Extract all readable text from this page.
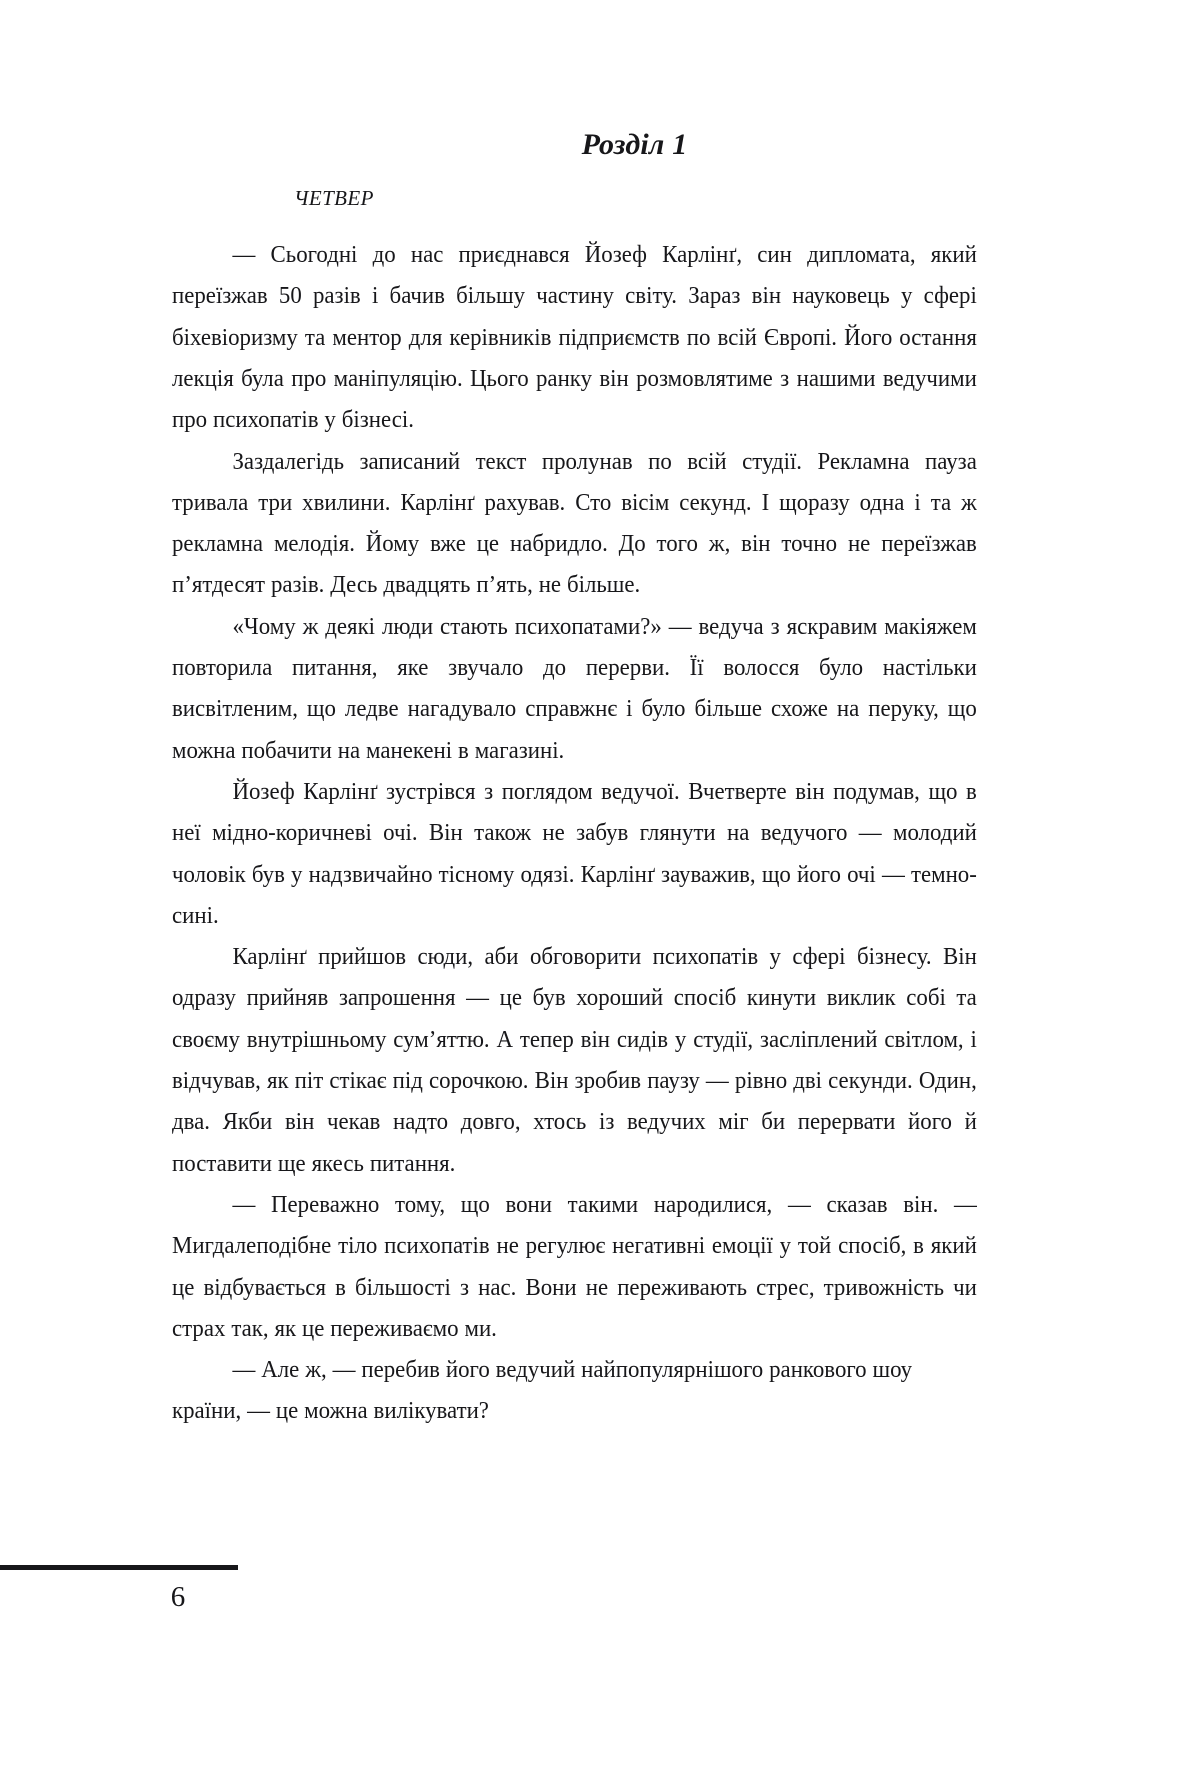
Розділ 1
ЧЕТВЕР

— Сьогодні до нас приєднався Йозеф Карлінґ, син дипломата, який переїзжав 50 разів і бачив більшу частину світу. Зараз він науковець у сфері біхевіоризму та ментор для керівників підприємств по всій Європі. Його остання лекція була про маніпуляцію. Цього ранку він розмовлятиме з нашими ведучими про психопатів у бізнесі.

Заздалегідь записаний текст пролунав по всій студії. Рекламна пауза тривала три хвилини. Карлінґ рахував. Сто вісім секунд. І щоразу одна і та ж рекламна мелодія. Йому вже це набридло. До того ж, він точно не переїзжав п’ятдесят разів. Десь двадцять п’ять, не більше.

«Чому ж деякі люди стають психопатами?» — ведуча з яскравим макіяжем повторила питання, яке звучало до перерви. Її волосся було настільки висвітленим, що ледве нагадувало справжнє і було більше схоже на перуку, що можна побачити на манекені в магазині.

Йозеф Карлінґ зустрівся з поглядом ведучої. Вчетверте він подумав, що в неї мідно-коричневі очі. Він також не забув глянути на ведучого — молодий чоловік був у надзвичайно тісному одязі. Карлінґ зауважив, що його очі — темно-сині.

Карлінґ прийшов сюди, аби обговорити психопатів у сфері бізнесу. Він одразу прийняв запрошення — це був хороший спосіб кинути виклик собі та своєму внутрішньому сум’яттю. А тепер він сидів у студії, засліплений світлом, і відчував, як піт стікає під сорочкою. Він зробив паузу — рівно дві секунди. Один, два. Якби він чекав надто довго, хтось із ведучих міг би перервати його й поставити ще якесь питання.

— Переважно тому, що вони такими народилися, — сказав він. — Мигдалеподібне тіло психопатів не регулює негативні емоції у той спосіб, в який це відбувається в більшості з нас. Вони не переживають стрес, тривожність чи страх так, як це переживаємо ми.

— Але ж, — перебив його ведучий найпопулярнішого ранкового шоу країни, — це можна вилікувати?

6
